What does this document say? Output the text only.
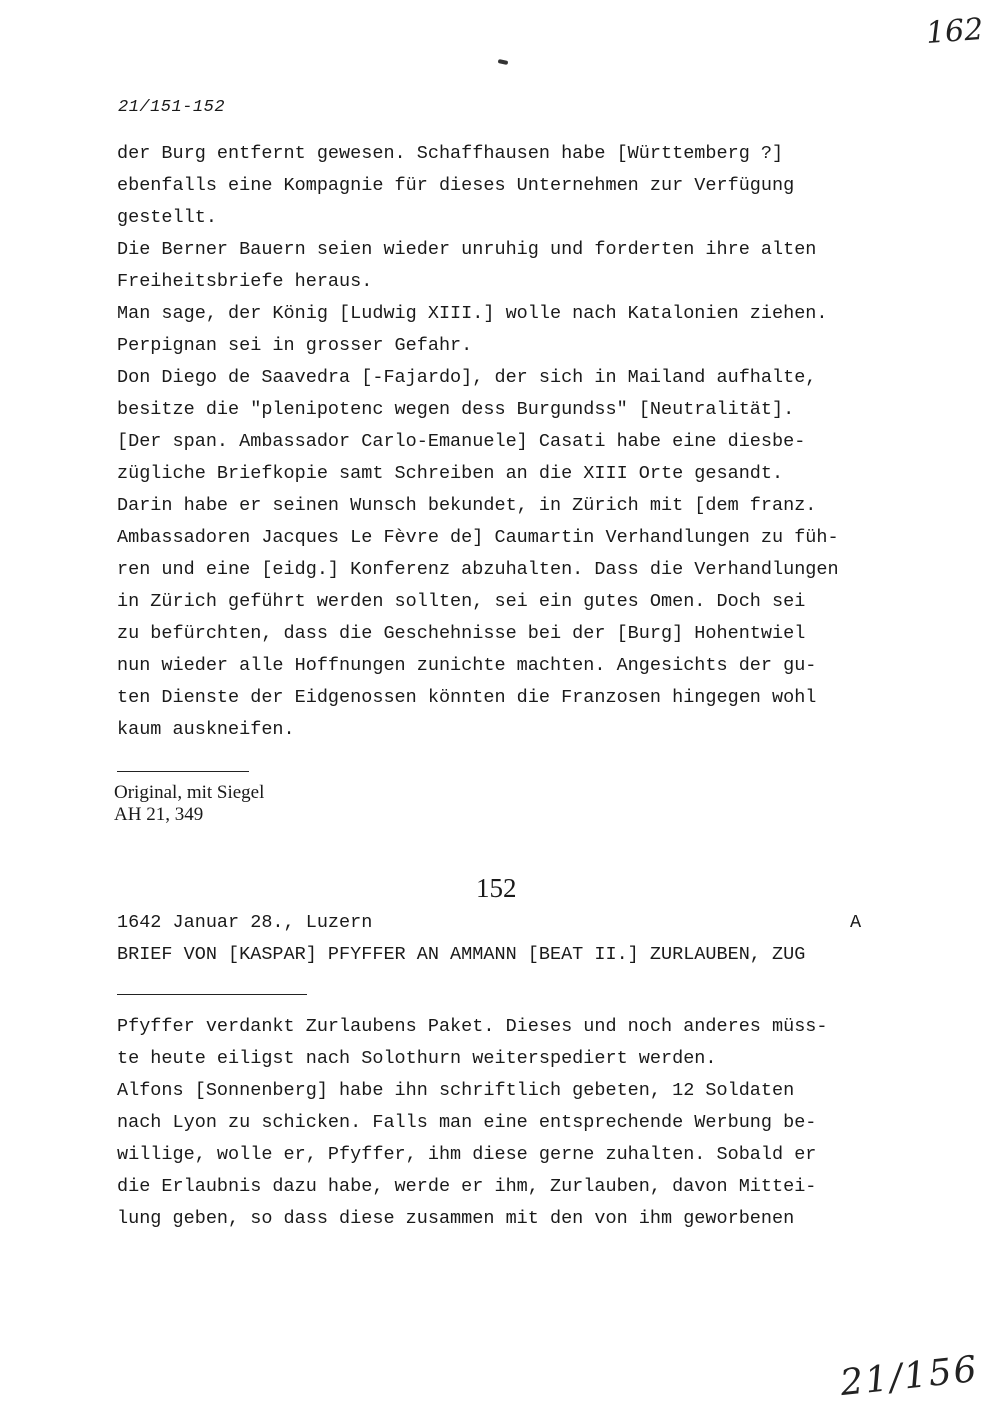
162
21/151-152
der Burg entfernt gewesen. Schaffhausen habe [Württemberg ?]
ebenfalls eine Kompagnie für dieses Unternehmen zur Verfügung
gestellt.
Die Berner Bauern seien wieder unruhig und forderten ihre alten
Freiheitsbriefe heraus.
Man sage, der König [Ludwig XIII.] wolle nach Katalonien ziehen.
Perpignan sei in grosser Gefahr.
Don Diego de Saavedra [-Fajardo], der sich in Mailand aufhalte,
besitze die "plenipotenc wegen dess Burgundss" [Neutralität].
[Der span. Ambassador Carlo-Emanuele] Casati habe eine diesbe-
zügliche Briefkopie samt Schreiben an die XIII Orte gesandt.
Darin habe er seinen Wunsch bekundet, in Zürich mit [dem franz.
Ambassadoren Jacques Le Fèvre de] Caumartin Verhandlungen zu füh-
ren und eine [eidg.] Konferenz abzuhalten. Dass die Verhandlungen
in Zürich geführt werden sollten, sei ein gutes Omen. Doch sei
zu befürchten, dass die Geschehnisse bei der [Burg] Hohentwiel
nun wieder alle Hoffnungen zunichte machten. Angesichts der gu-
ten Dienste der Eidgenossen könnten die Franzosen hingegen wohl
kaum auskneifen.
Original, mit Siegel
AH 21, 349
152
1642 Januar 28., Luzern	A
BRIEF VON [KASPAR] PFYFFER AN AMMANN [BEAT II.] ZURLAUBEN, ZUG
Pfyffer verdankt Zurlaubens Paket. Dieses und noch anderes müss-
te heute eiligst nach Solothurn weiterspediert werden.
Alfons [Sonnenberg] habe ihn schriftlich gebeten, 12 Soldaten
nach Lyon zu schicken. Falls man eine entsprechende Werbung be-
willige, wolle er, Pfyffer, ihm diese gerne zuhalten. Sobald er
die Erlaubnis dazu habe, werde er ihm, Zurlauben, davon Mittei-
lung geben, so dass diese zusammen mit den von ihm geworbenen
21/156
